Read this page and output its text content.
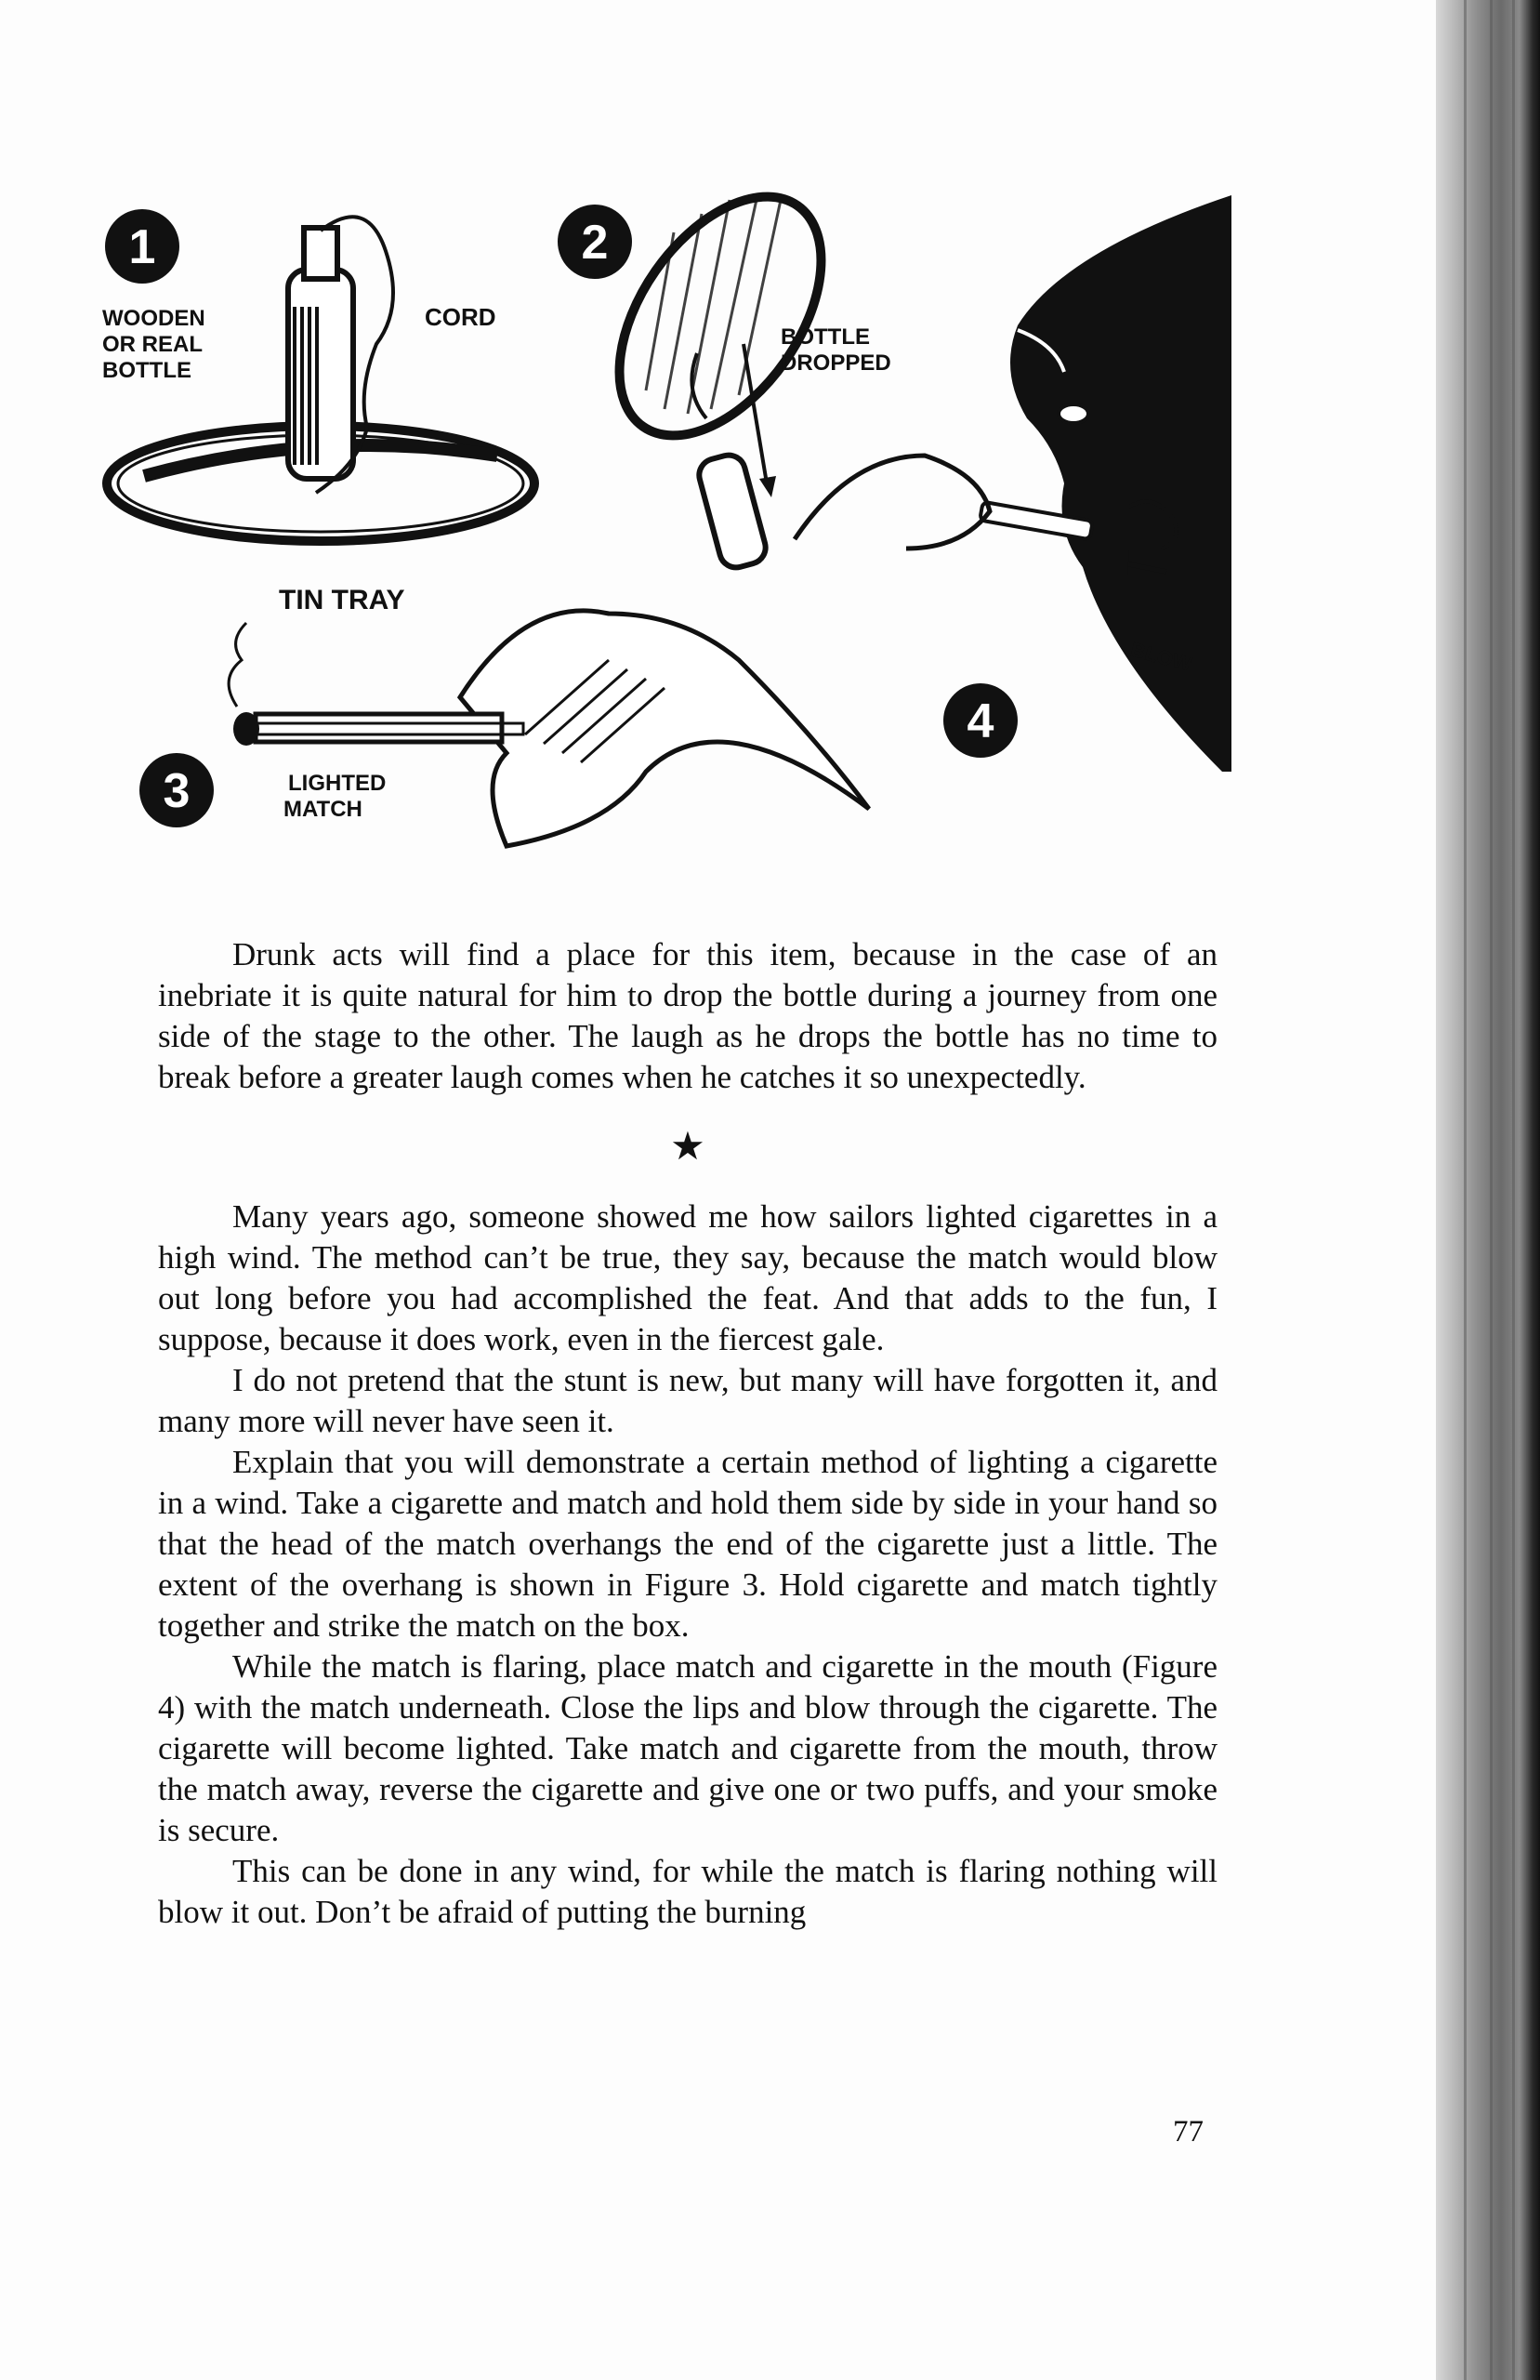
1
WOODEN
OR REAL
BOTTLE
CORD
TIN TRAY
2
BOTTLE
DROPPED
4
BLOW
3	LIGHTED
MATCH

Drunk acts will find a place for this item, because in the case of an inebriate it is quite natural for him to drop the bottle during a journey from one side of the stage to the other. The laugh as he drops the bottle has no time to break before a greater laugh comes when he catches it so unexpectedly.

★

Many years ago, someone showed me how sailors lighted cigarettes in a high wind. The method can’t be true, they say, because the match would blow out long before you had accomplished the feat. And that adds to the fun, I suppose, because it does work, even in the fiercest gale.

I do not pretend that the stunt is new, but many will have forgotten it, and many more will never have seen it.

Explain that you will demonstrate a certain method of lighting a cigarette in a wind. Take a cigarette and match and hold them side by side in your hand so that the head of the match overhangs the end of the cigarette just a little. The extent of the overhang is shown in Figure 3. Hold cigarette and match tightly together and strike the match on the box.

While the match is flaring, place match and cigarette in the mouth (Figure 4) with the match underneath. Close the lips and blow through the cigarette. The cigarette will become lighted. Take match and cigarette from the mouth, throw the match away, reverse the cigarette and give one or two puffs, and your smoke is secure.

This can be done in any wind, for while the match is flaring nothing will blow it out. Don’t be afraid of putting the burning

77
